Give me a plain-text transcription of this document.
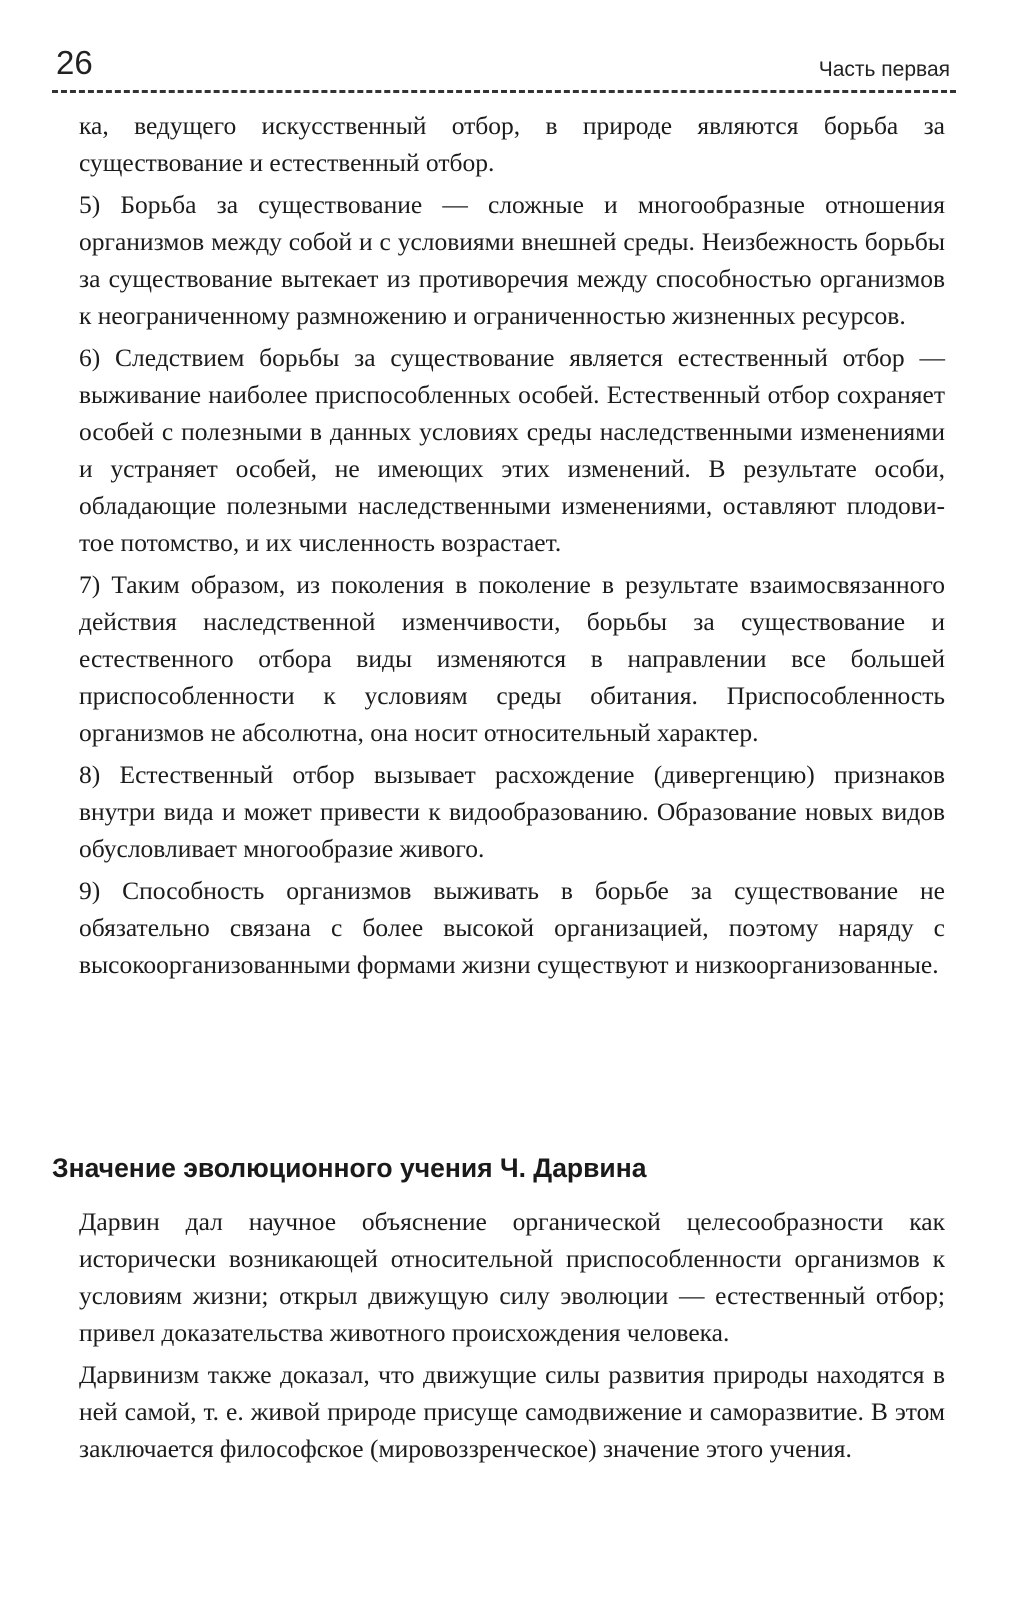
26	Часть первая

ка, ведущего искусственный отбор, в природе являются борьба за существование и естественный отбор.

5) Борьба за существование — сложные и многообразные отношения организмов между собой и с условиями внешней среды. Неизбежность борьбы за существование вытекает из противоречия между способностью организмов к неограниченному размножению и ограниченностью жизненных ресурсов.

6) Следствием борьбы за существование является естественный отбор — выживание наиболее приспособленных особей. Естественный отбор сохраняет особей с полезными в данных условиях среды наследственными изменениями и устраняет особей, не имеющих этих изменений. В результате особи, обладающие полезными наследственными изменениями, оставляют плодовитое потомство, и их численность возрастает.

7) Таким образом, из поколения в поколение в результате взаимосвязанного действия наследственной изменчивости, борьбы за существование и естественного отбора виды изменяются в направлении все большей приспособленности к условиям среды обитания. Приспособленность организмов не абсолютна, она носит относительный характер.

8) Естественный отбор вызывает расхождение (дивергенцию) признаков внутри вида и может привести к видообразованию. Образование новых видов обусловливает многообразие живого.

9) Способность организмов выживать в борьбе за существование не обязательно связана с более высокой организацией, поэтому наряду с высокоорганизованными формами жизни существуют и низкоорганизованные.

Значение эволюционного учения Ч. Дарвина

Дарвин дал научное объяснение органической целесообразности как исторически возникающей относительной приспособленности организмов к условиям жизни; открыл движущую силу эволюции — естественный отбор; привел доказательства животного происхождения человека.

Дарвинизм также доказал, что движущие силы развития природы находятся в ней самой, т. е. живой природе присуще самодвижение и саморазвитие. В этом заключается философское (мировоззренческое) значение этого учения.
